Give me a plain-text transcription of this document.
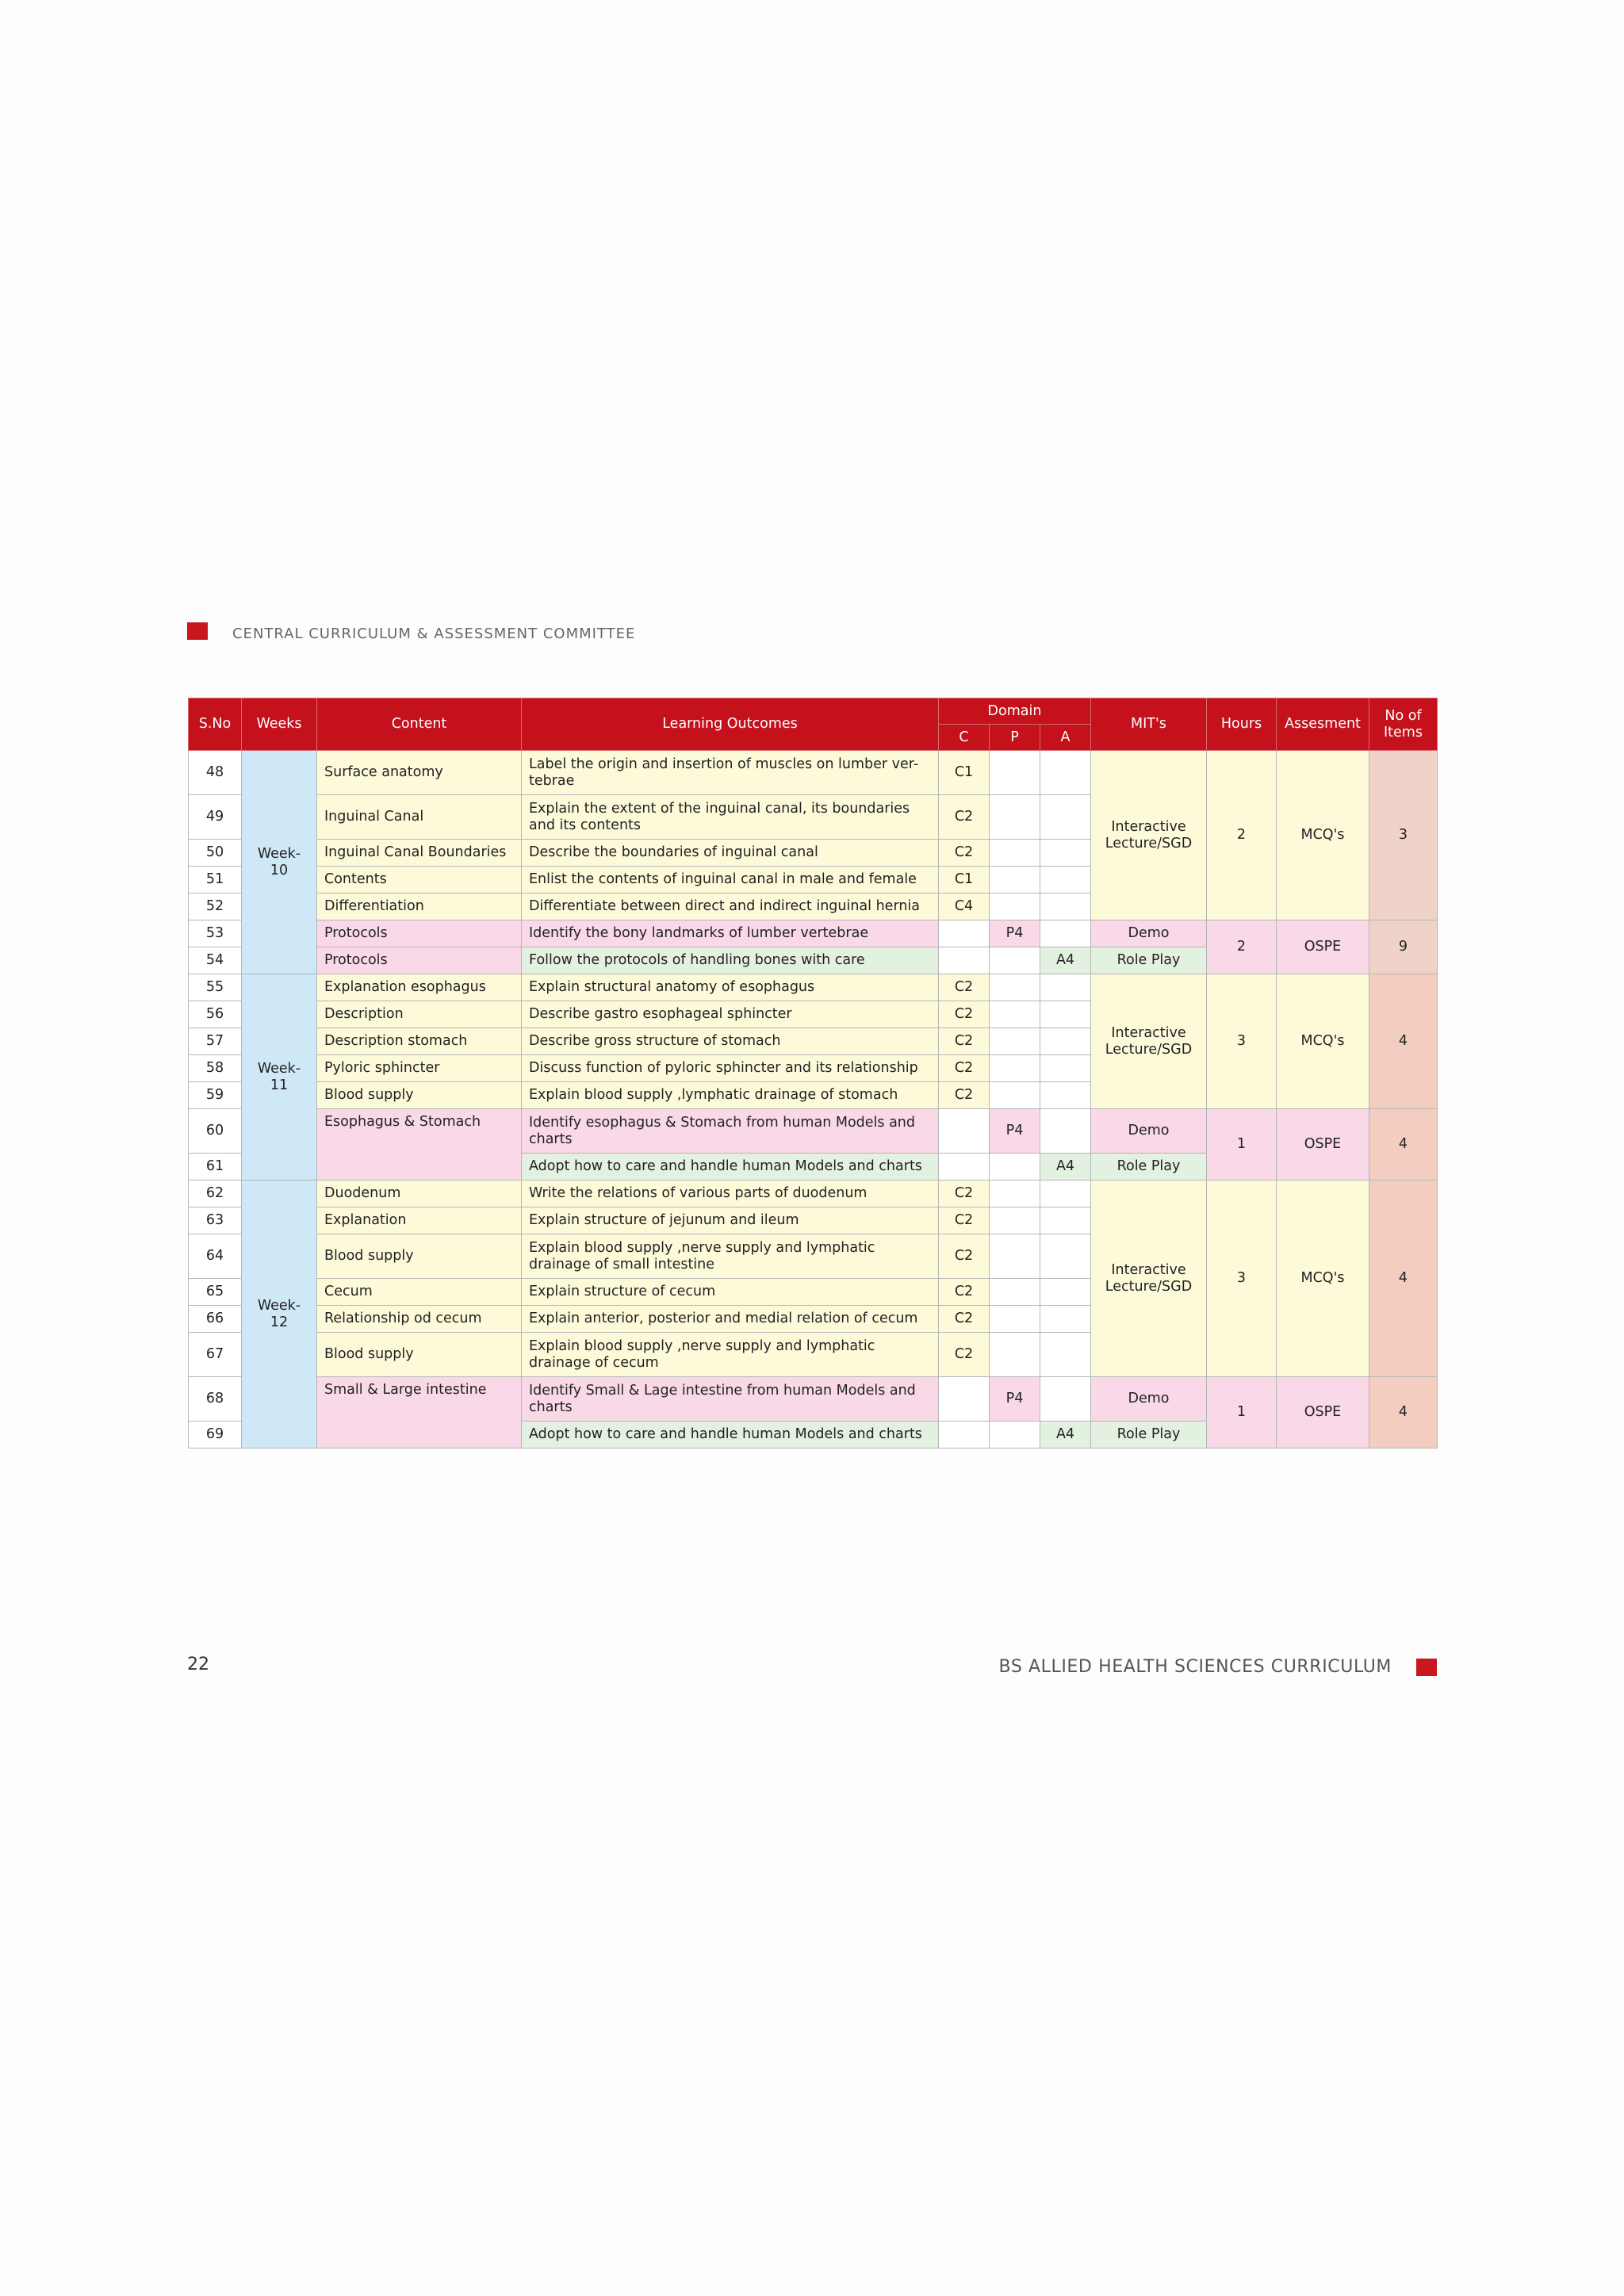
CENTRAL CURRICULUM & ASSESSMENT COMMITTEE
S.No	Weeks	Content	Learning Outcomes	Domain			MIT's	Hours	Assesment	No of Items
				C	P	A				
48	Week-10	Surface anatomy	Label the origin and insertion of muscles on lumber ver-tebrae	C1			Interactive Lecture/SGD	2	MCQ's	3
49		Inguinal Canal	Explain the extent of the inguinal canal, its boundaries and its contents	C2						
50		Inguinal Canal Boundaries	Describe the boundaries of inguinal canal	C2						
51		Contents	Enlist the contents of inguinal canal in male and female	C1						
52		Differentiation	Differentiate between direct and indirect inguinal hernia	C4						
53		Protocols	Identify the bony landmarks of lumber vertebrae		P4		Demo	2	OSPE	9
54		Protocols	Follow the protocols of handling bones with care			A4	Role Play			
55	Week-11	Explanation esophagus	Explain structural anatomy of esophagus	C2			Interactive Lecture/SGD	3	MCQ's	4
56		Description	Describe gastro esophageal sphincter	C2						
57		Description stomach	Describe gross structure of stomach	C2						
58		Pyloric sphincter	Discuss function of pyloric sphincter and its relationship	C2						
59		Blood supply	Explain blood supply ,lymphatic drainage of stomach	C2						
60		Esophagus & Stomach	Identify esophagus & Stomach from human Models and charts		P4		Demo	1	OSPE	4
61			Adopt how to care and handle human Models and charts			A4	Role Play			
62	Week-12	Duodenum	Write the relations of various parts of duodenum	C2			Interactive Lecture/SGD	3	MCQ's	4
63		Explanation	Explain structure of jejunum and ileum	C2						
64		Blood supply	Explain blood supply ,nerve supply and lymphatic drainage of small intestine	C2						
65		Cecum	Explain structure of cecum	C2						
66		Relationship od cecum	Explain anterior, posterior and medial relation of cecum	C2						
67		Blood supply	Explain blood supply ,nerve supply and lymphatic drainage of cecum	C2						
68		Small & Large intestine	Identify Small & Lage intestine from human Models and charts		P4		Demo	1	OSPE	4
69			Adopt how to care and handle human Models and charts			A4	Role Play			
22	BS ALLIED HEALTH SCIENCES CURRICULUM
